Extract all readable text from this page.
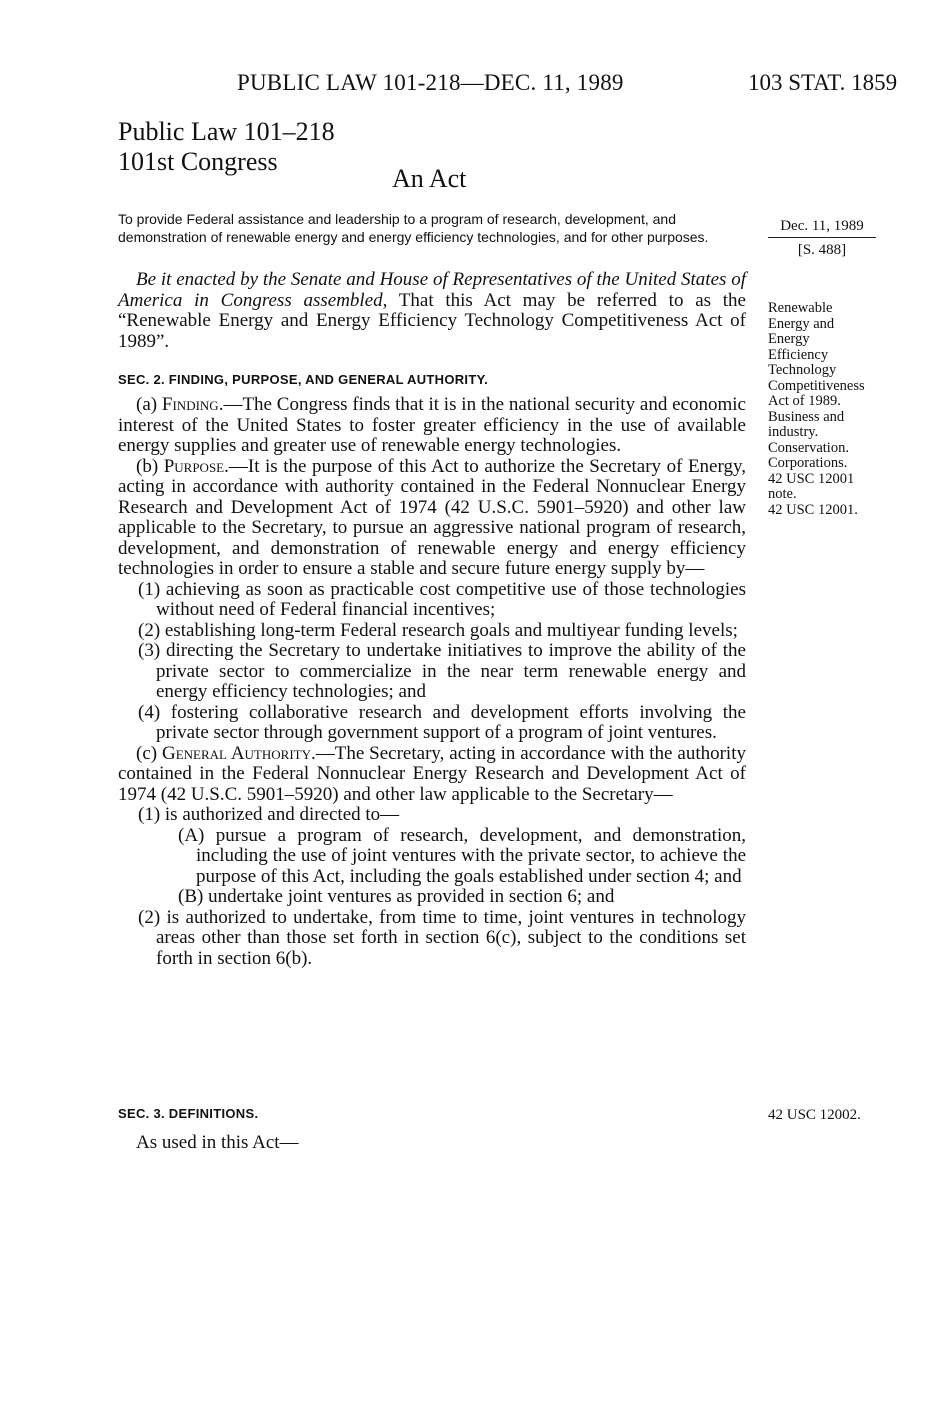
PUBLIC LAW 101-218—DEC. 11, 1989	103 STAT. 1859
Public Law 101–218
101st Congress
An Act
To provide Federal assistance and leadership to a program of research, development, and demonstration of renewable energy and energy efficiency technologies, and for other purposes.
Dec. 11, 1989
[S. 488]

Be it enacted by the Senate and House of Representatives of the United States of America in Congress assembled, That this Act may be referred to as the “Renewable Energy and Energy Efficiency Technology Competitiveness Act of 1989”.

Renewable
Energy and
Energy
Efficiency
Technology
Competitiveness
Act of 1989.
Business and
industry.
Conservation.
Corporations.
42 USC 12001
note.
42 USC 12001.
SEC. 2. FINDING, PURPOSE, AND GENERAL AUTHORITY.

(a) Finding.—The Congress finds that it is in the national security and economic interest of the United States to foster greater efficiency in the use of available energy supplies and greater use of renewable energy technologies.

(b) Purpose.—It is the purpose of this Act to authorize the Secretary of Energy, acting in accordance with authority contained in the Federal Nonnuclear Energy Research and Development Act of 1974 (42 U.S.C. 5901–5920) and other law applicable to the Secretary, to pursue an aggressive national program of research, development, and demonstration of renewable energy and energy efficiency technologies in order to ensure a stable and secure future energy supply by—

(1) achieving as soon as practicable cost competitive use of those technologies without need of Federal financial incentives;

(2) establishing long-term Federal research goals and multiyear funding levels;

(3) directing the Secretary to undertake initiatives to improve the ability of the private sector to commercialize in the near term renewable energy and energy efficiency technologies; and

(4) fostering collaborative research and development efforts involving the private sector through government support of a program of joint ventures.

(c) General Authority.—The Secretary, acting in accordance with the authority contained in the Federal Nonnuclear Energy Research and Development Act of 1974 (42 U.S.C. 5901–5920) and other law applicable to the Secretary—

(1) is authorized and directed to—

(A) pursue a program of research, development, and demonstration, including the use of joint ventures with the private sector, to achieve the purpose of this Act, including the goals established under section 4; and

(B) undertake joint ventures as provided in section 6; and

(2) is authorized to undertake, from time to time, joint ventures in technology areas other than those set forth in section 6(c), subject to the conditions set forth in section 6(b).

SEC. 3. DEFINITIONS.	42 USC 12002.

As used in this Act—
